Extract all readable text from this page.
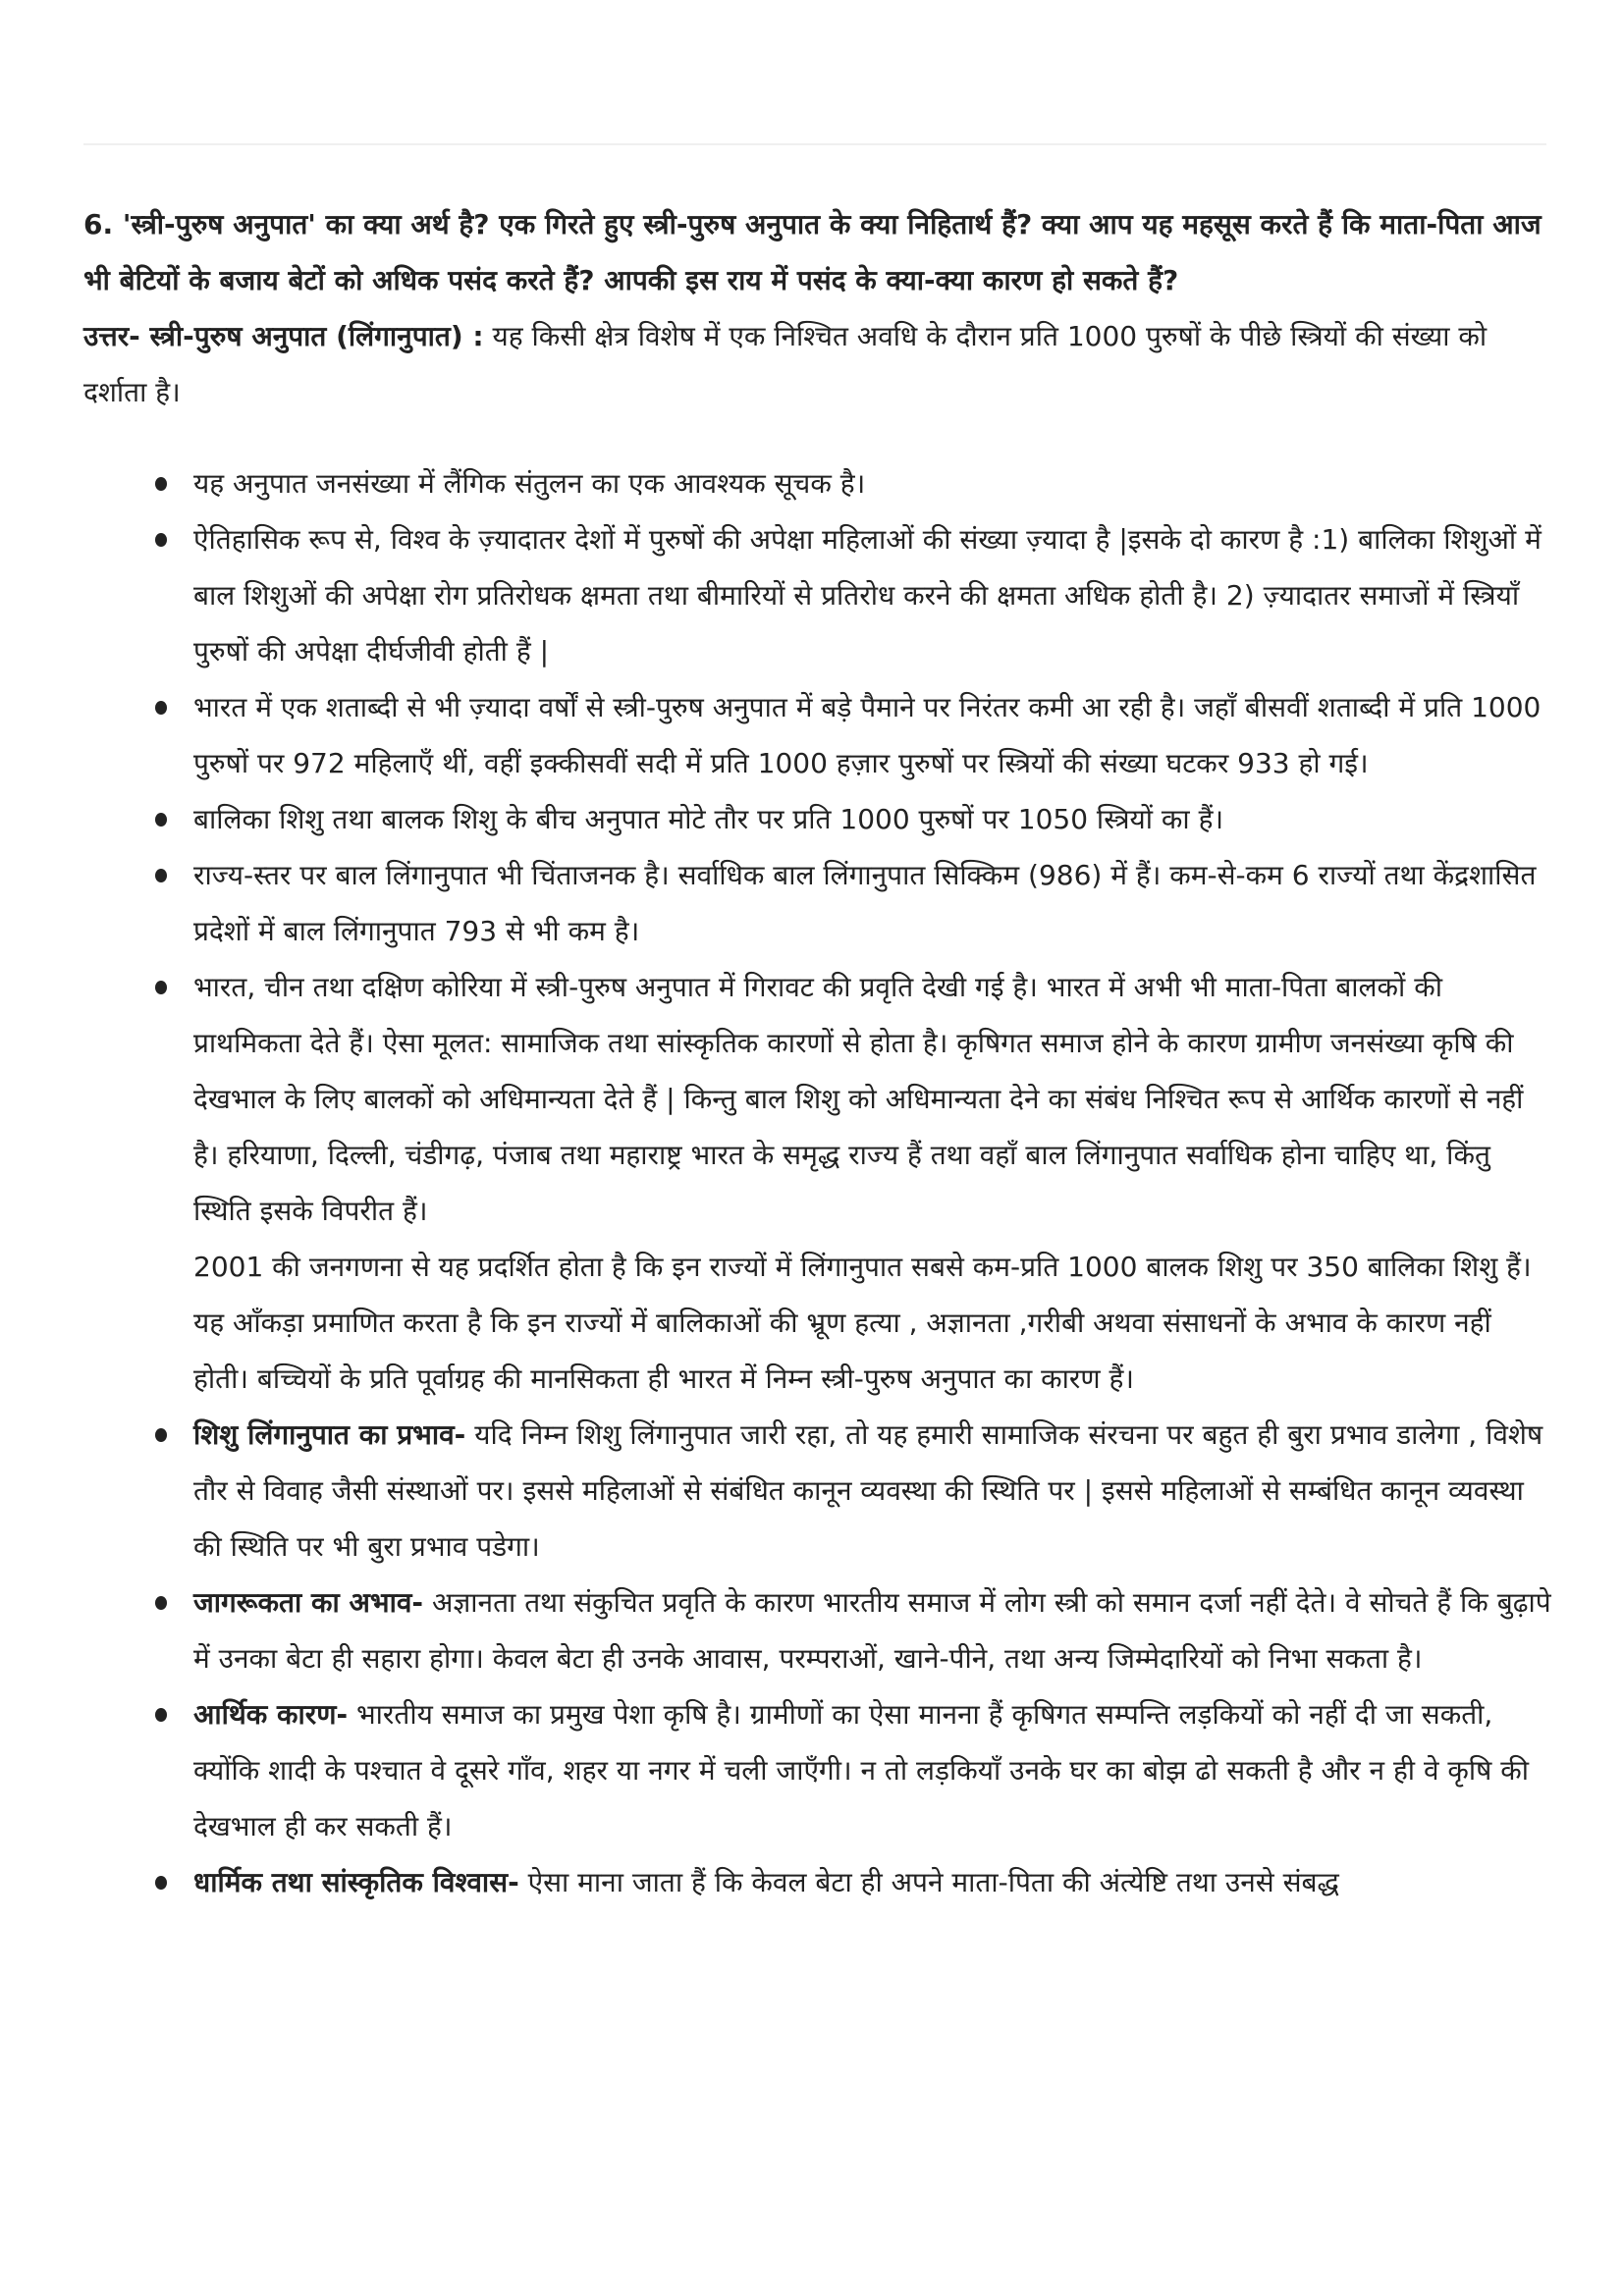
6. 'स्त्री-पुरुष अनुपात' का क्या अर्थ है? एक गिरते हुए स्त्री-पुरुष अनुपात के क्या निहितार्थ हैं? क्या आप यह महसूस करते हैं कि माता-पिता आज भी बेटियों के बजाय बेटों को अधिक पसंद करते हैं? आपकी इस राय में पसंद के क्या-क्या कारण हो सकते हैं?

उत्तर- स्त्री-पुरुष अनुपात (लिंगानुपात) : यह किसी क्षेत्र विशेष में एक निश्चित अवधि के दौरान प्रति 1000 पुरुषों के पीछे स्त्रियों की संख्या को दर्शाता है।

यह अनुपात जनसंख्या में लैंगिक संतुलन का एक आवश्यक सूचक है।
ऐतिहासिक रूप से, विश्व के ज़्यादातर देशों में पुरुषों की अपेक्षा महिलाओं की संख्या ज़्यादा है |इसके दो कारण है :1) बालिका शिशुओं में बाल शिशुओं की अपेक्षा रोग प्रतिरोधक क्षमता तथा बीमारियों से प्रतिरोध करने की क्षमता अधिक होती है। 2) ज़्यादातर समाजों में स्त्रियाँ पुरुषों की अपेक्षा दीर्घजीवी होती हैं |
भारत में एक शताब्दी से भी ज़्यादा वर्षों से स्त्री-पुरुष अनुपात में बड़े पैमाने पर निरंतर कमी आ रही है। जहाँ बीसवीं शताब्दी में प्रति 1000 पुरुषों पर 972 महिलाएँ थीं, वहीं इक्कीसवीं सदी में प्रति 1000 हज़ार पुरुषों पर स्त्रियों की संख्या घटकर 933 हो गई।
बालिका शिशु तथा बालक शिशु के बीच अनुपात मोटे तौर पर प्रति 1000 पुरुषों पर 1050 स्त्रियों का हैं।
राज्य-स्तर पर बाल लिंगानुपात भी चिंताजनक है। सर्वाधिक बाल लिंगानुपात सिक्किम (986) में हैं। कम-से-कम 6 राज्यों तथा केंद्रशासित प्रदेशों में बाल लिंगानुपात 793 से भी कम है।
भारत, चीन तथा दक्षिण कोरिया में स्त्री-पुरुष अनुपात में गिरावट की प्रवृति देखी गई है। भारत में अभी भी माता-पिता बालकों की प्राथमिकता देते हैं। ऐसा मूलत: सामाजिक तथा सांस्कृतिक कारणों से होता है। कृषिगत समाज होने के कारण ग्रामीण जनसंख्या कृषि की देखभाल के लिए बालकों को अधिमान्यता देते हैं | किन्तु बाल शिशु को अधिमान्यता देने का संबंध निश्चित रूप से आर्थिक कारणों से नहीं है। हरियाणा, दिल्ली, चंडीगढ़, पंजाब तथा महाराष्ट्र भारत के समृद्ध राज्य हैं तथा वहाँ बाल लिंगानुपात सर्वाधिक होना चाहिए था, किंतु स्थिति इसके विपरीत हैं।
2001 की जनगणना से यह प्रदर्शित होता है कि इन राज्यों में लिंगानुपात सबसे कम-प्रति 1000 बालक शिशु पर 350 बालिका शिशु हैं। यह आँकड़ा प्रमाणित करता है कि इन राज्यों में बालिकाओं की भ्रूण हत्या , अज्ञानता ,गरीबी अथवा संसाधनों के अभाव के कारण नहीं होती। बच्चियों के प्रति पूर्वाग्रह की मानसिकता ही भारत में निम्न स्त्री-पुरुष अनुपात का कारण हैं।
शिशु लिंगानुपात का प्रभाव- यदि निम्न शिशु लिंगानुपात जारी रहा, तो यह हमारी सामाजिक संरचना पर बहुत ही बुरा प्रभाव डालेगा , विशेष तौर से विवाह जैसी संस्थाओं पर। इससे महिलाओं से संबंधित कानून व्यवस्था की स्थिति पर | इससे महिलाओं से सम्बंधित कानून व्यवस्था की स्थिति पर भी बुरा प्रभाव पडेगा।
जागरूकता का अभाव- अज्ञानता तथा संकुचित प्रवृति के कारण भारतीय समाज में लोग स्त्री को समान दर्जा नहीं देते। वे सोचते हैं कि बुढ़ापे में उनका बेटा ही सहारा होगा। केवल बेटा ही उनके आवास, परम्पराओं, खाने-पीने, तथा अन्य जिम्मेदारियों को निभा सकता है।
आर्थिक कारण- भारतीय समाज का प्रमुख पेशा कृषि है। ग्रामीणों का ऐसा मानना हैं कृषिगत सम्पन्ति लड़कियों को नहीं दी जा सकती, क्योंकि शादी के पश्चात वे दूसरे गाँव, शहर या नगर में चली जाएँगी। न तो लड़कियाँ उनके घर का बोझ ढो सकती है और न ही वे कृषि की देखभाल ही कर सकती हैं।
धार्मिक तथा सांस्कृतिक विश्वास- ऐसा माना जाता हैं कि केवल बेटा ही अपने माता-पिता की अंत्येष्टि तथा उनसे संबद्ध
